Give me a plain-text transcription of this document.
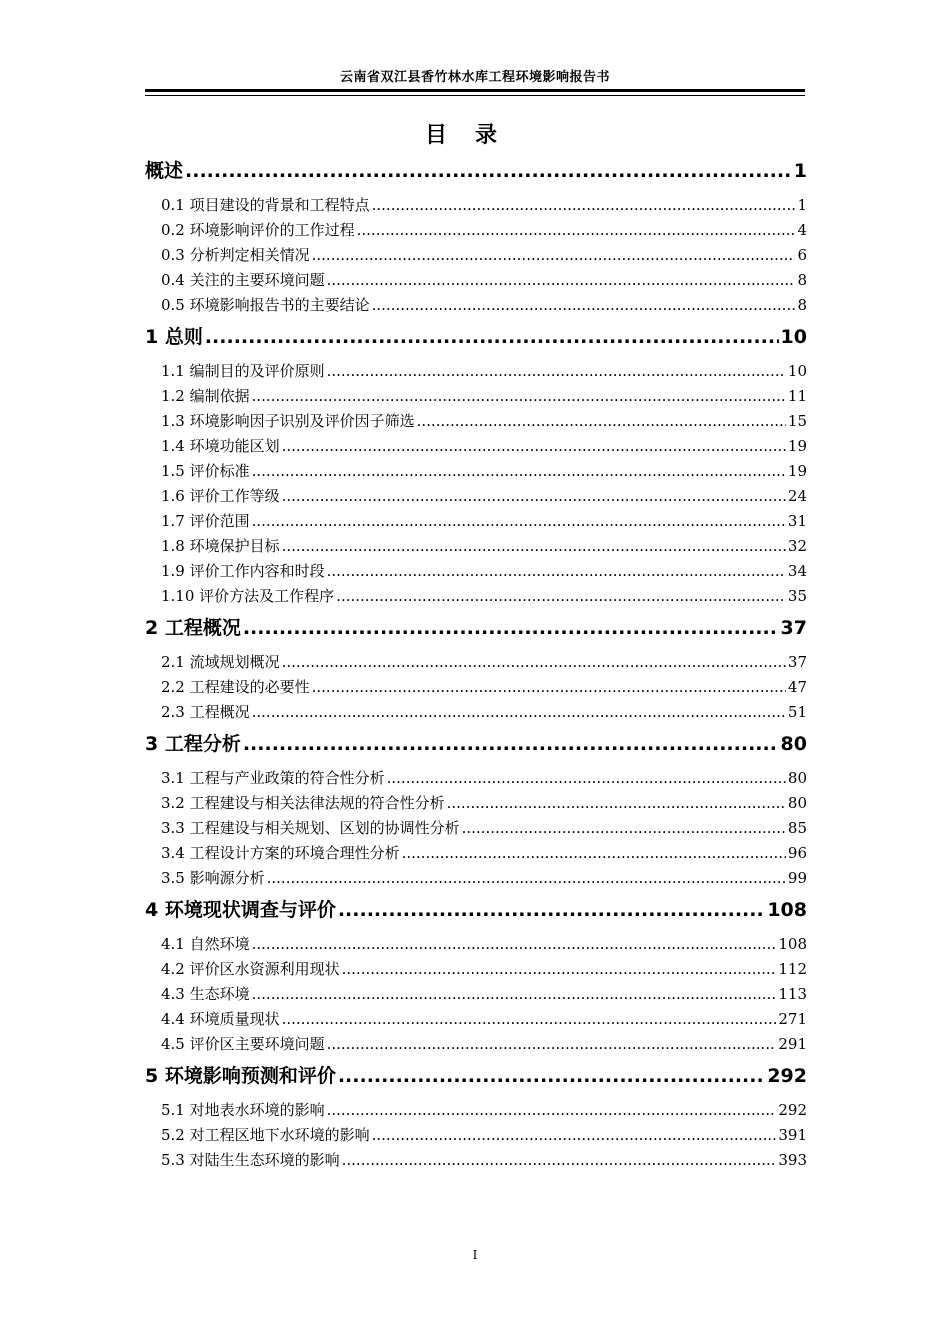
云南省双江县香竹林水库工程环境影响报告书
目录
概述 .....	1
0.1 项目建设的背景和工程特点 .....	1
0.2 环境影响评价的工作过程 .....	4
0.3 分析判定相关情况 .....	6
0.4 关注的主要环境问题 .....	8
0.5 环境影响报告书的主要结论 .....	8
1 总则 .....	10
1.1 编制目的及评价原则 .....	10
1.2 编制依据 .....	11
1.3 环境影响因子识别及评价因子筛选 .....	15
1.4 环境功能区划 .....	19
1.5 评价标准 .....	19
1.6 评价工作等级 .....	24
1.7 评价范围 .....	31
1.8 环境保护目标 .....	32
1.9 评价工作内容和时段 .....	34
1.10 评价方法及工作程序 .....	35
2 工程概况 .....	37
2.1 流域规划概况 .....	37
2.2 工程建设的必要性 .....	47
2.3 工程概况 .....	51
3 工程分析 .....	80
3.1 工程与产业政策的符合性分析 .....	80
3.2 工程建设与相关法律法规的符合性分析 .....	80
3.3 工程建设与相关规划、区划的协调性分析 .....	85
3.4 工程设计方案的环境合理性分析 .....	96
3.5 影响源分析 .....	99
4 环境现状调查与评价 .....	108
4.1 自然环境 .....	108
4.2 评价区水资源利用现状 .....	112
4.3 生态环境 .....	113
4.4 环境质量现状 .....	271
4.5 评价区主要环境问题 .....	291
5 环境影响预测和评价 .....	292
5.1 对地表水环境的影响 .....	292
5.2 对工程区地下水环境的影响 .....	391
5.3 对陆生生态环境的影响 .....	393
I
